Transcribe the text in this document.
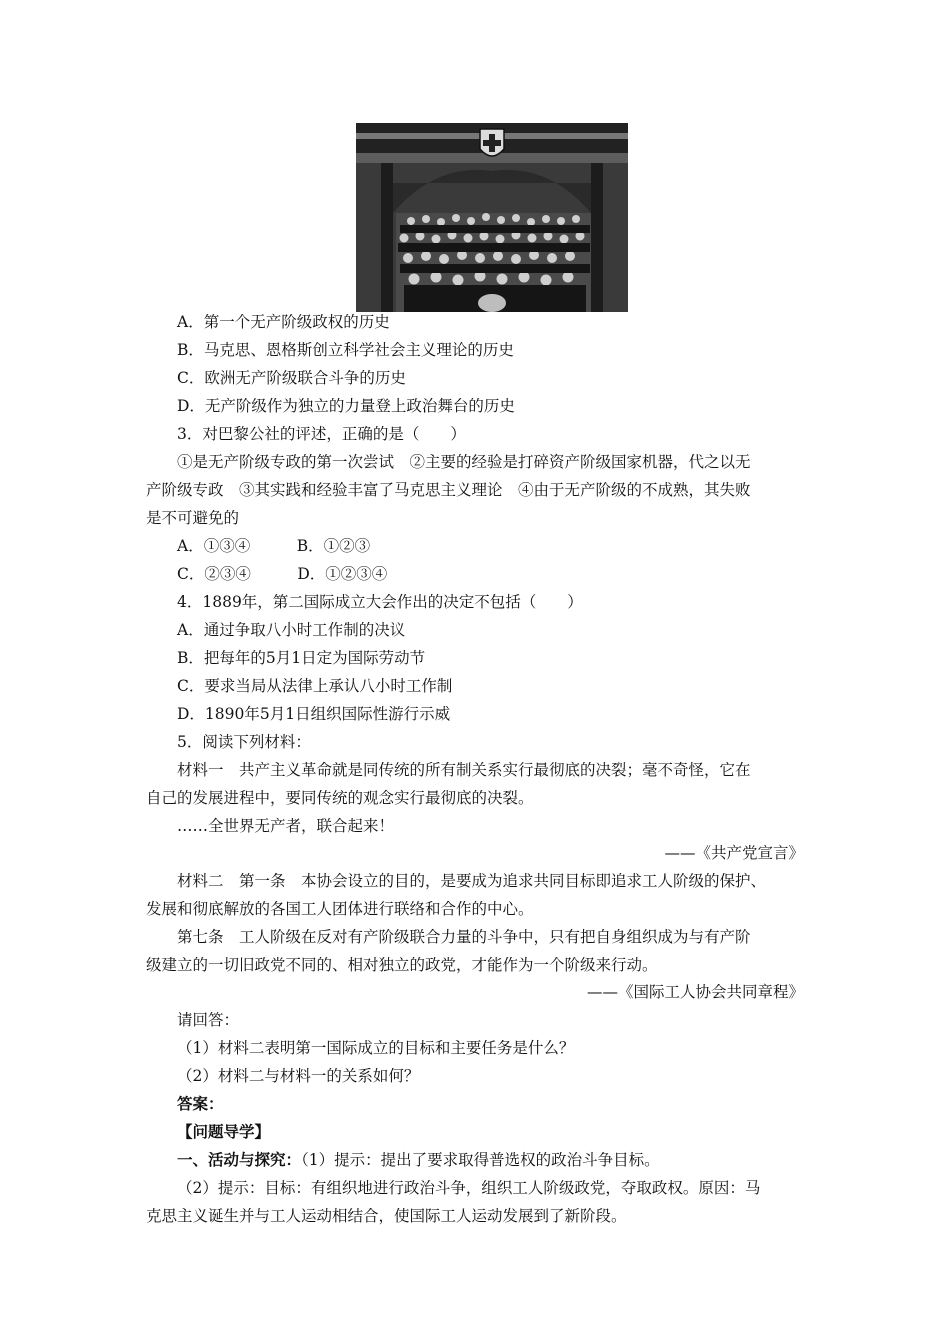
A．第一个无产阶级政权的历史
B．马克思、恩格斯创立科学社会主义理论的历史
C．欧洲无产阶级联合斗争的历史
D．无产阶级作为独立的力量登上政治舞台的历史
3．对巴黎公社的评述，正确的是（　　）
①是无产阶级专政的第一次尝试　②主要的经验是打碎资产阶级国家机器，代之以无
产阶级专政　③其实践和经验丰富了马克思主义理论　④由于无产阶级的不成熟，其失败
是不可避免的
A．①③④　　　B．①②③
C．②③④　　　D．①②③④
4．1889年，第二国际成立大会作出的决定不包括（　　）
A．通过争取八小时工作制的决议
B．把每年的5月1日定为国际劳动节
C．要求当局从法律上承认八小时工作制
D．1890年5月1日组织国际性游行示威
5．阅读下列材料：
材料一　共产主义革命就是同传统的所有制关系实行最彻底的决裂；毫不奇怪，它在
自己的发展进程中，要同传统的观念实行最彻底的决裂。
……全世界无产者，联合起来！
——《共产党宣言》
材料二　第一条　本协会设立的目的，是要成为追求共同目标即追求工人阶级的保护、
发展和彻底解放的各国工人团体进行联络和合作的中心。
第七条　工人阶级在反对有产阶级联合力量的斗争中，只有把自身组织成为与有产阶
级建立的一切旧政党不同的、相对独立的政党，才能作为一个阶级来行动。
——《国际工人协会共同章程》
请回答：
（1）材料二表明第一国际成立的目标和主要任务是什么？
（2）材料二与材料一的关系如何？
答案：
【问题导学】
一、活动与探究：（1）提示：提出了要求取得普选权的政治斗争目标。
（2）提示：目标：有组织地进行政治斗争，组织工人阶级政党，夺取政权。原因：马
克思主义诞生并与工人运动相结合，使国际工人运动发展到了新阶段。
